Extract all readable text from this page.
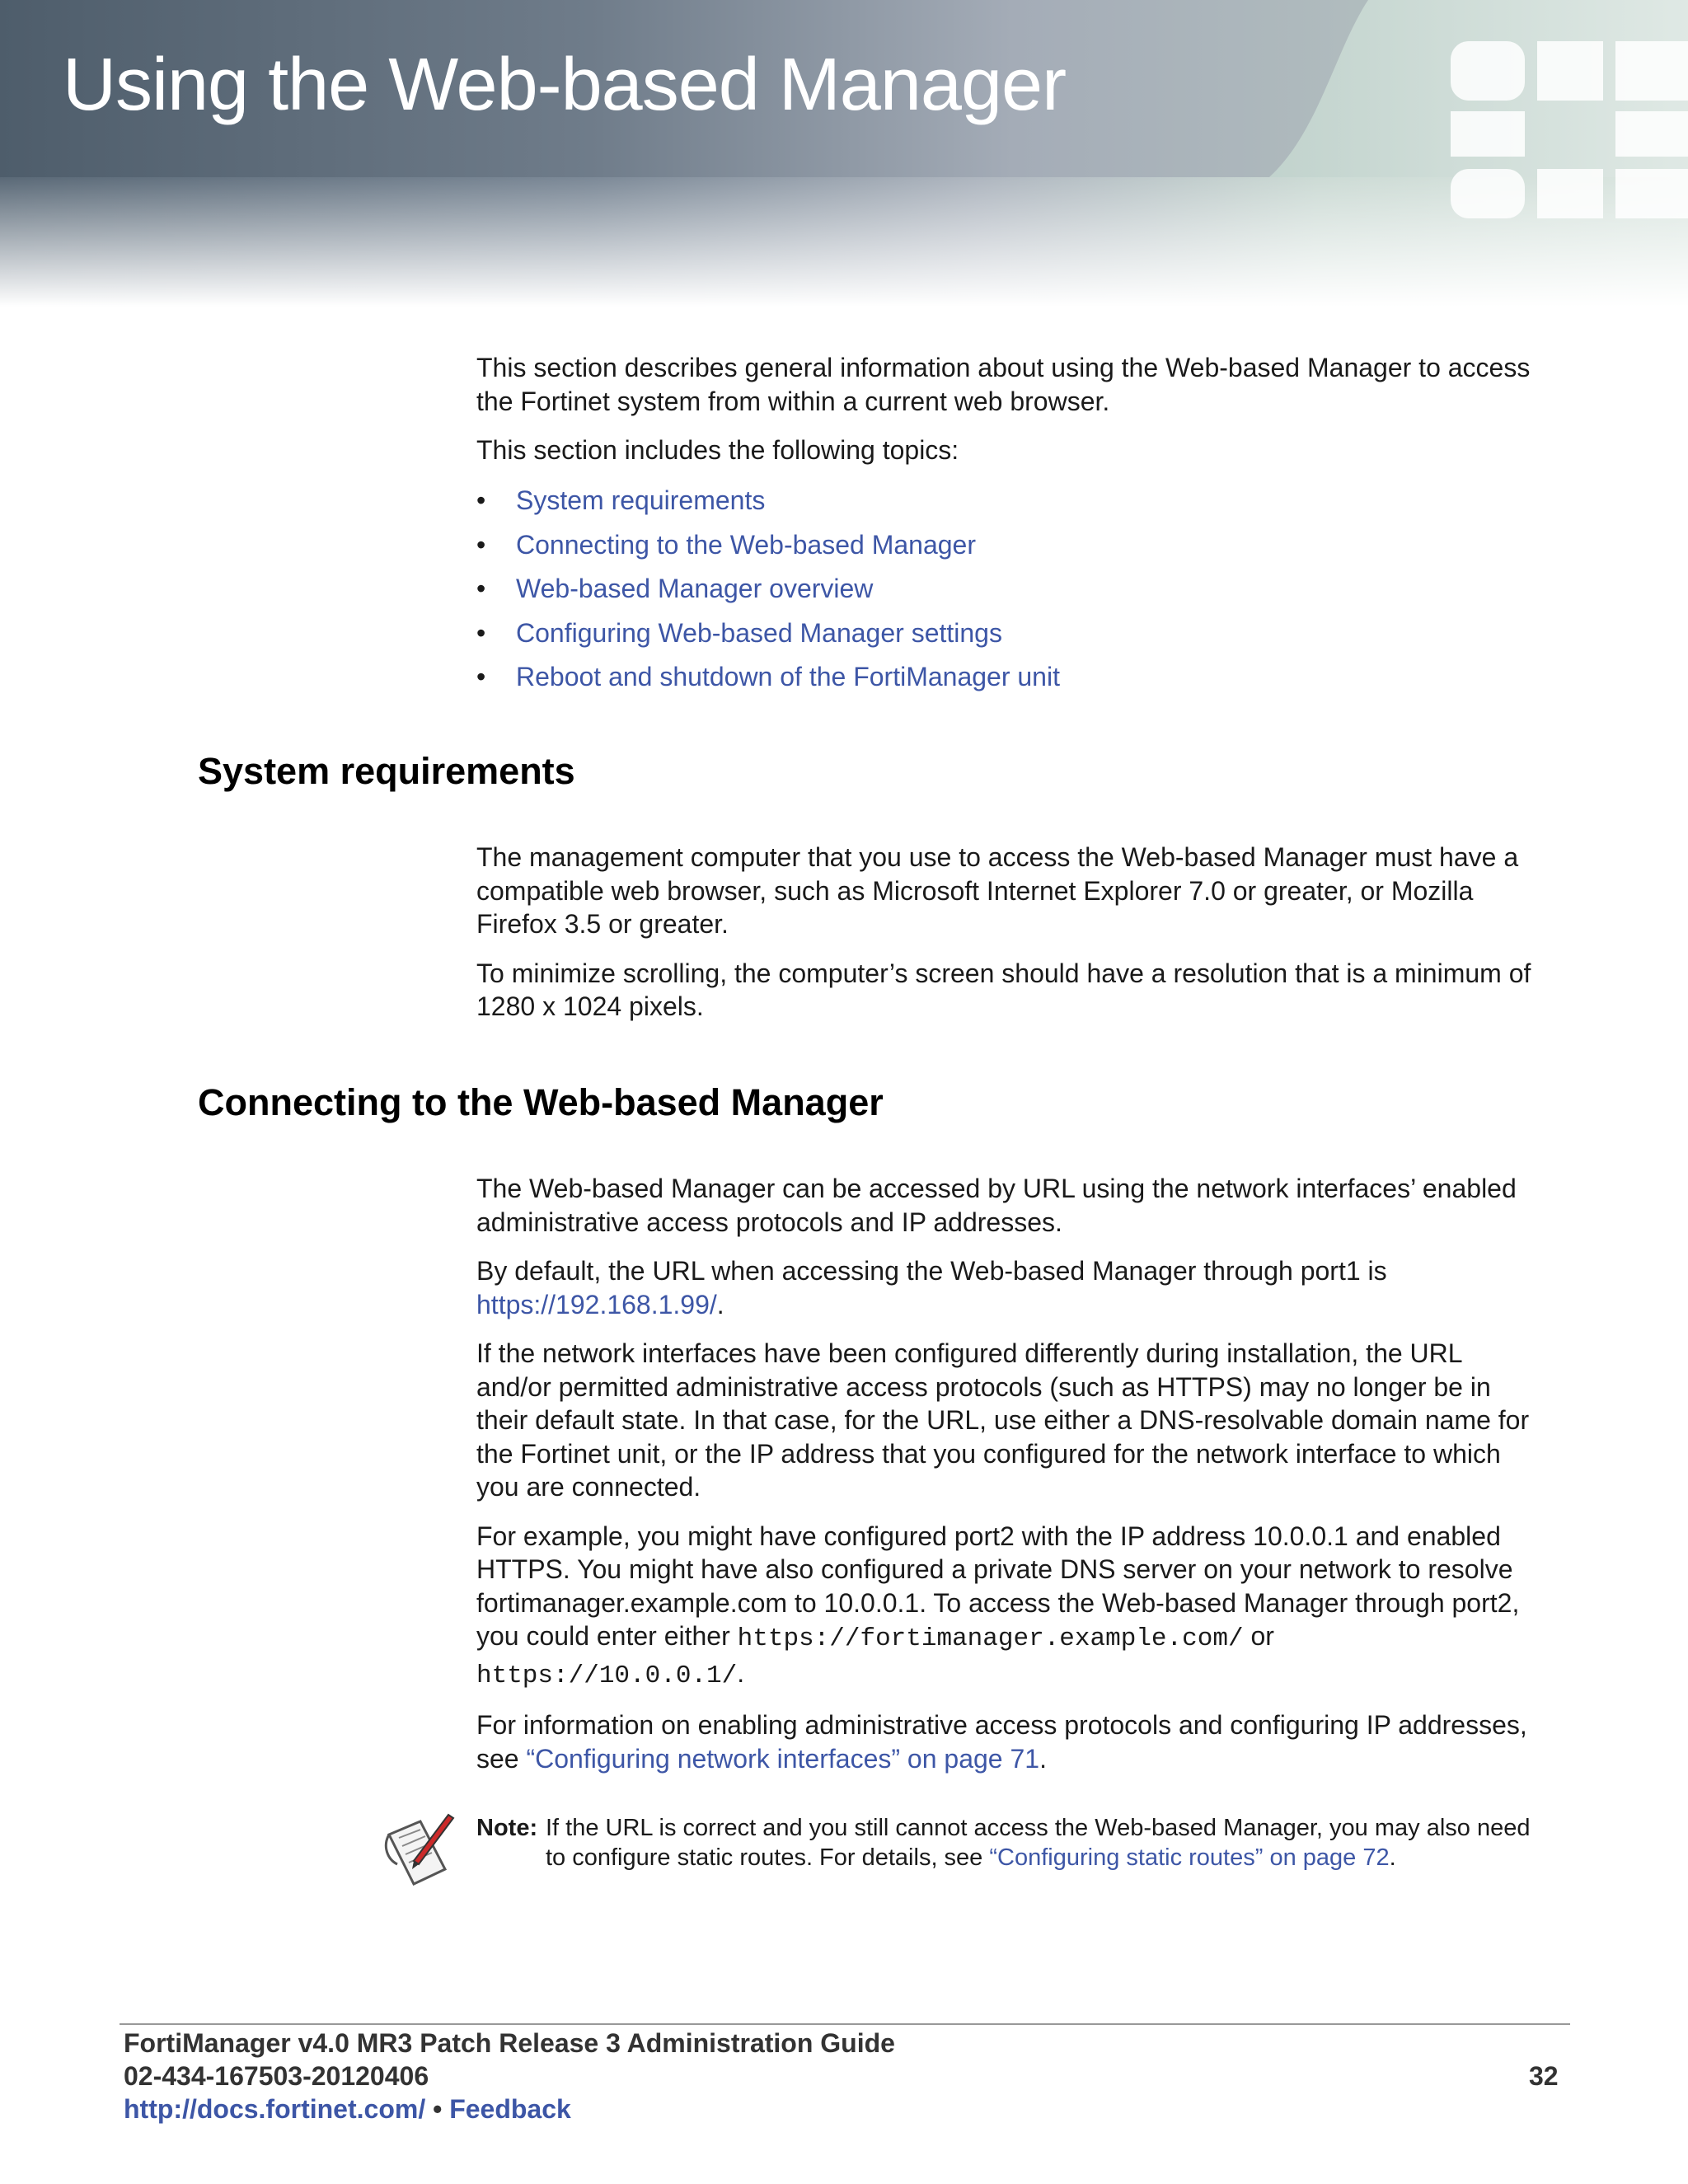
Using the Web-based Manager

This section describes general information about using the Web-based Manager to access the Fortinet system from within a current web browser.

This section includes the following topics:

• System requirements
• Connecting to the Web-based Manager
• Web-based Manager overview
• Configuring Web-based Manager settings
• Reboot and shutdown of the FortiManager unit
System requirements

The management computer that you use to access the Web-based Manager must have a compatible web browser, such as Microsoft Internet Explorer 7.0 or greater, or Mozilla Firefox 3.5 or greater.

To minimize scrolling, the computer’s screen should have a resolution that is a minimum of 1280 x 1024 pixels.

Connecting to the Web-based Manager

The Web-based Manager can be accessed by URL using the network interfaces’ enabled administrative access protocols and IP addresses.

By default, the URL when accessing the Web-based Manager through port1 is https://192.168.1.99/.

If the network interfaces have been configured differently during installation, the URL and/or permitted administrative access protocols (such as HTTPS) may no longer be in their default state. In that case, for the URL, use either a DNS-resolvable domain name for the Fortinet unit, or the IP address that you configured for the network interface to which you are connected.

For example, you might have configured port2 with the IP address 10.0.0.1 and enabled HTTPS. You might have also configured a private DNS server on your network to resolve fortimanager.example.com to 10.0.0.1. To access the Web-based Manager through port2, you could enter either https://fortimanager.example.com/ or https://10.0.0.1/.

For information on enabling administrative access protocols and configuring IP addresses, see “Configuring network interfaces” on page 71.

Note: If the URL is correct and you still cannot access the Web-based Manager, you may also need to configure static routes. For details, see “Configuring static routes” on page 72.
FortiManager v4.0 MR3 Patch Release 3 Administration Guide
02-434-167503-20120406
http://docs.fortinet.com/ • Feedback
32
